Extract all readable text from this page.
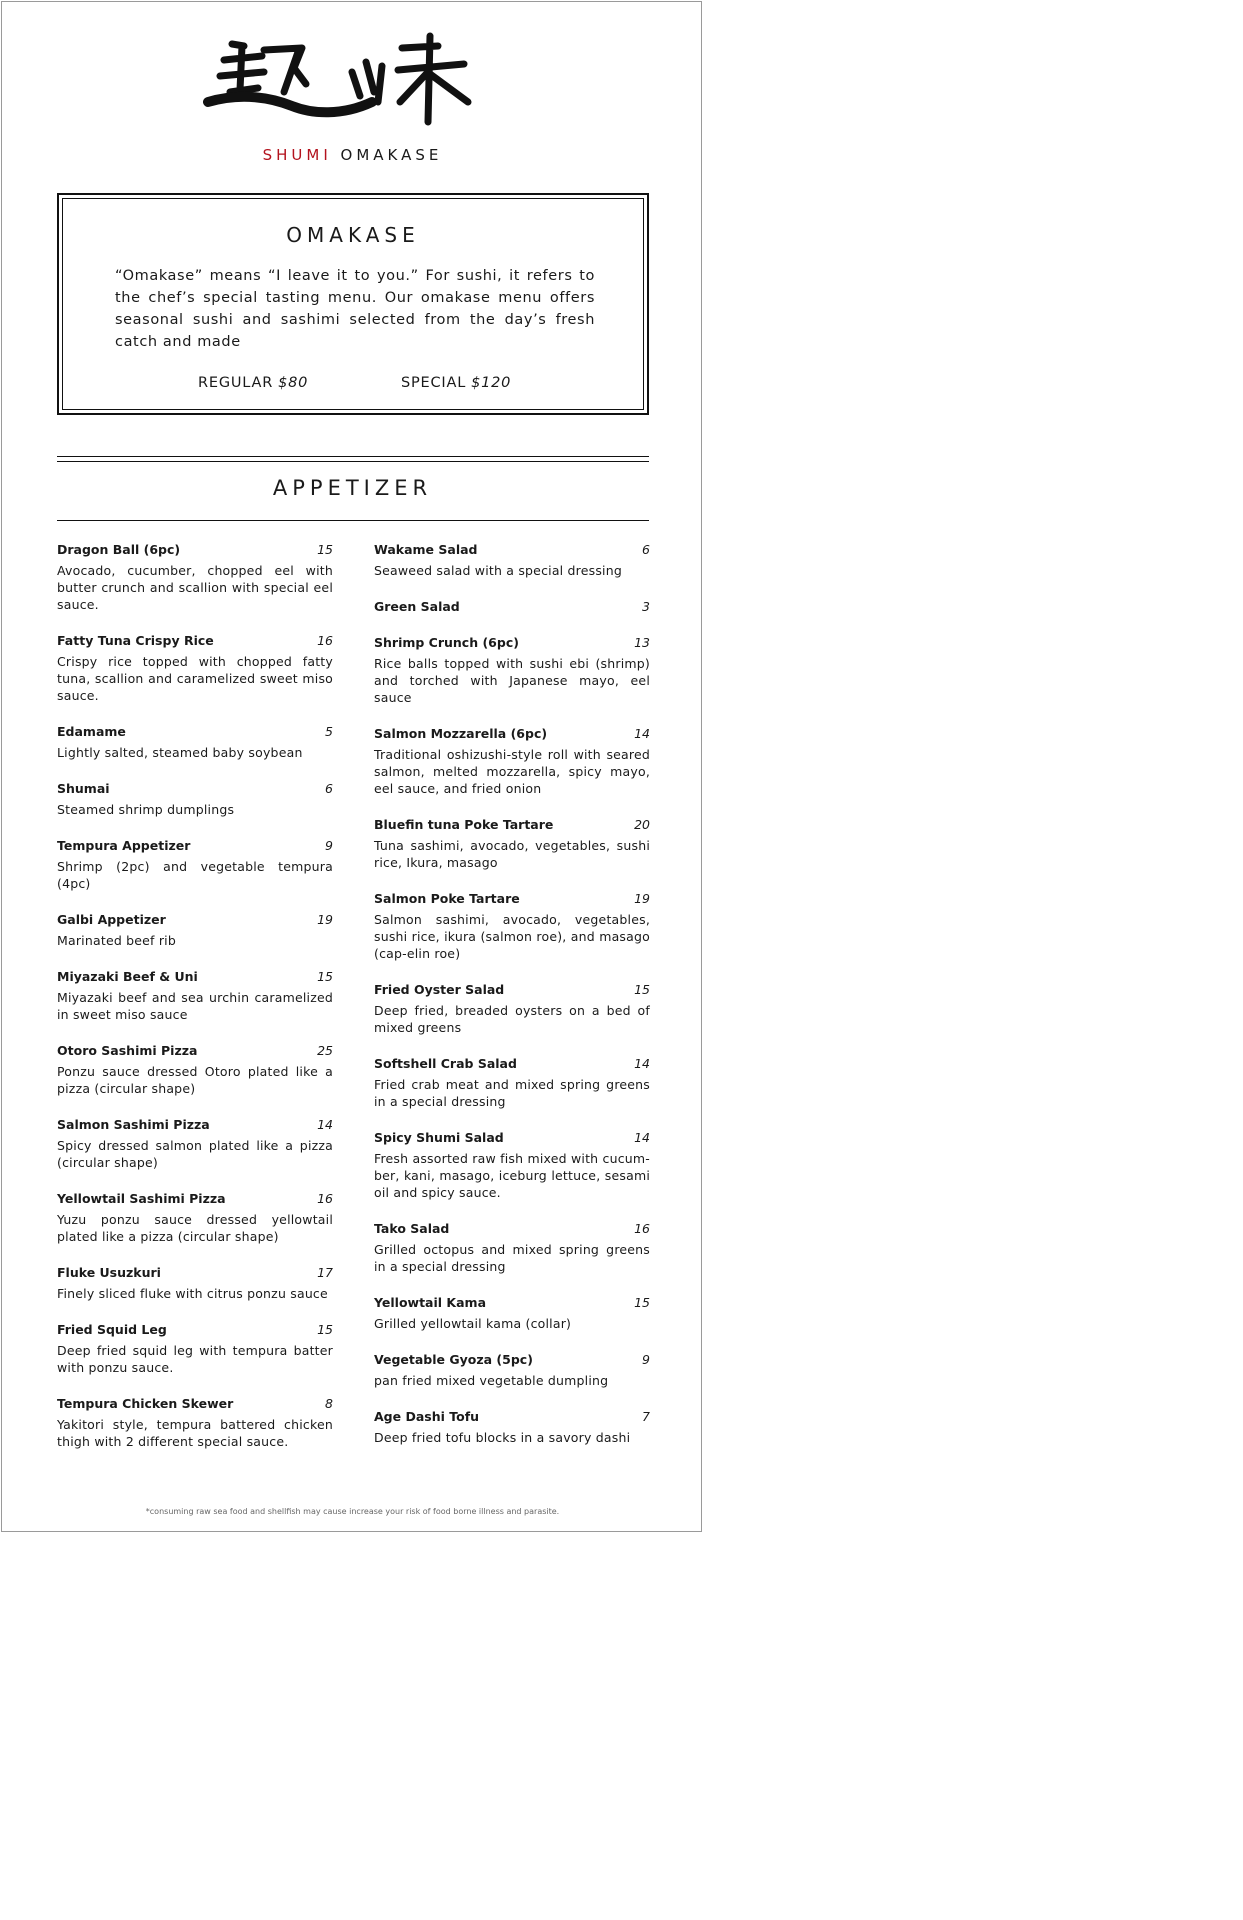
SHUMI OMAKASE
OMAKASE
“Omakase” means “I leave it to you.” For sushi, it refers to the chef’s special tasting menu. Our omakase menu offers seasonal sushi and sashimi selected from the day’s fresh catch and made
REGULAR $80	SPECIAL $120
APPETIZER
Dragon Ball (6pc)	15
Avocado, cucumber, chopped eel with butter crunch and scallion with special eel sauce.
Fatty Tuna Crispy Rice	16
Crispy rice topped with chopped fatty tuna, scallion and caramelized sweet miso sauce.
Edamame	5
Lightly salted, steamed baby soybean
Shumai	6
Steamed shrimp dumplings
Tempura Appetizer	9
Shrimp (2pc) and vegetable tempura (4pc)
Galbi Appetizer	19
Marinated beef rib
Miyazaki Beef & Uni	15
Miyazaki beef and sea urchin caramelized in sweet miso sauce
Otoro Sashimi Pizza	25
Ponzu sauce dressed Otoro plated like a pizza (circular shape)
Salmon Sashimi Pizza	14
Spicy dressed salmon plated like a pizza (circular shape)
Yellowtail Sashimi Pizza	16
Yuzu ponzu sauce dressed yellowtail plated like a pizza (circular shape)
Fluke Usuzkuri	17
Finely sliced fluke with citrus ponzu sauce
Fried Squid Leg	15
Deep fried squid leg with tempura batter with ponzu sauce.
Tempura Chicken Skewer	8
Yakitori style, tempura battered chicken thigh with 2 different special sauce.
Wakame Salad	6
Seaweed salad with a special dressing
Green Salad	3
Shrimp Crunch (6pc)	13
Rice balls topped with sushi ebi (shrimp) and torched with Japanese mayo, eel sauce
Salmon Mozzarella (6pc)	14
Traditional oshizushi-style roll with seared salmon, melted mozzarella, spicy mayo, eel sauce, and fried onion
Bluefin tuna Poke Tartare	20
Tuna sashimi, avocado, vegetables, sushi rice, Ikura, masago
Salmon Poke Tartare	19
Salmon sashimi, avocado, vegetables, sushi rice, ikura (salmon roe), and masago (cap-elin roe)
Fried Oyster Salad	15
Deep fried, breaded oysters on a bed of mixed greens
Softshell Crab Salad	14
Fried crab meat and mixed spring greens in a special dressing
Spicy Shumi Salad	14
Fresh assorted raw fish mixed with cucum-ber, kani, masago, iceburg lettuce, sesami oil and spicy sauce.
Tako Salad	16
Grilled octopus and mixed spring greens in a special dressing
Yellowtail Kama	15
Grilled yellowtail kama (collar)
Vegetable Gyoza (5pc)	9
pan fried mixed vegetable dumpling
Age Dashi Tofu	7
Deep fried tofu blocks in a savory dashi
*consuming raw sea food and shellfish may cause increase your risk of food borne illness and parasite.
